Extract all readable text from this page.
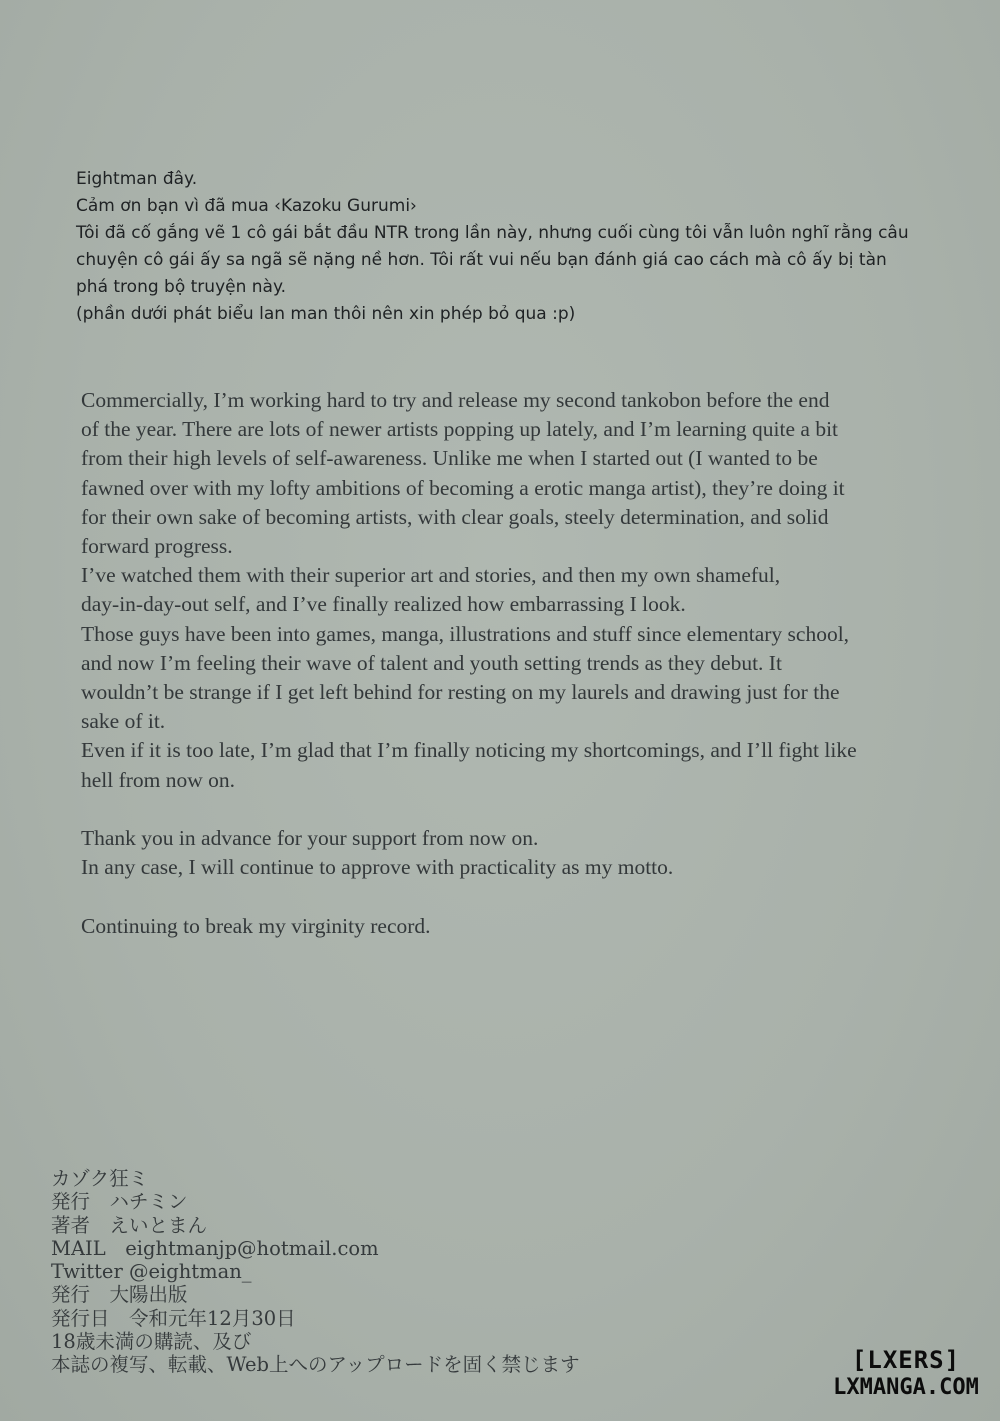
Eightman đây.

Cảm ơn bạn vì đã mua ‹Kazoku Gurumi›

Tôi đã cố gắng vẽ 1 cô gái bắt đầu NTR trong lần này, nhưng cuối cùng tôi vẫn luôn nghĩ rằng câu

chuyện cô gái ấy sa ngã sẽ nặng nề hơn. Tôi rất vui nếu bạn đánh giá cao cách mà cô ấy bị tàn

phá trong bộ truyện này.

(phần dưới phát biểu lan man thôi nên xin phép bỏ qua :p)

Commercially, I’m working hard to try and release my second tankobon before the end

of the year. There are lots of newer artists popping up lately, and I’m learning quite a bit

from their high levels of self-awareness. Unlike me when I started out (I wanted to be

fawned over with my lofty ambitions of becoming a erotic manga artist), they’re doing it

for their own sake of becoming artists, with clear goals, steely determination, and solid

forward progress.

I’ve watched them with their superior art and stories, and then my own shameful,

day-in-day-out self, and I’ve finally realized how embarrassing I look.

Those guys have been into games, manga, illustrations and stuff since elementary school,

and now I’m feeling their wave of talent and youth setting trends as they debut. It

wouldn’t be strange if I get left behind for resting on my laurels and drawing just for the

sake of it.

Even if it is too late, I’m glad that I’m finally noticing my shortcomings, and I’ll fight like

hell from now on.

Thank you in advance for your support from now on.

In any case, I will continue to approve with practicality as my motto.

Continuing to break my virginity record.

カゾク狂ミ

発行　ハチミン

著者　えいとまん

MAIL　eightmanjp@hotmail.com

Twitter @eightman_

発行　大陽出版

発行日　令和元年12月30日

18歳未満の購読、及び

本誌の複写、転載、Web上へのアップロードを固く禁じます	[LXERS]
LXMANGA.COM
